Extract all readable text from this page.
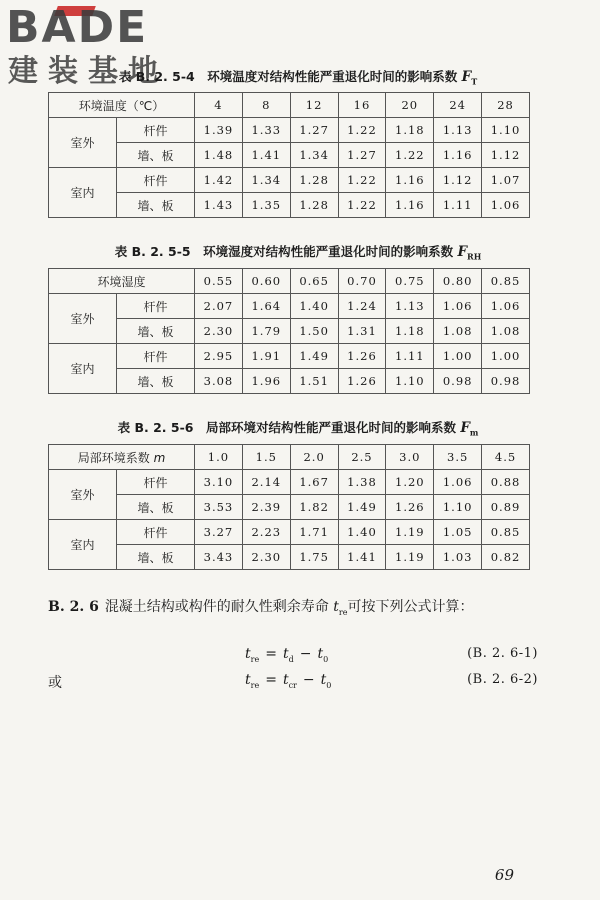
BADE
建装基地
表 B. 2. 5-4　环境温度对结构性能严重退化时间的影响系数 $F_T$
环境温度（℃）		4	8	12	16	20	24	28
室外	杆件	1.39	1.33	1.27	1.22	1.18	1.13	1.10
	墙、板	1.48	1.41	1.34	1.27	1.22	1.16	1.12
室内	杆件	1.42	1.34	1.28	1.22	1.16	1.12	1.07
	墙、板	1.43	1.35	1.28	1.22	1.16	1.11	1.06
表 B. 2. 5-5　环境湿度对结构性能严重退化时间的影响系数 $F_{RH}$
环境湿度		0.55	0.60	0.65	0.70	0.75	0.80	0.85
室外	杆件	2.07	1.64	1.40	1.24	1.13	1.06	1.06
	墙、板	2.30	1.79	1.50	1.31	1.18	1.08	1.08
室内	杆件	2.95	1.91	1.49	1.26	1.11	1.00	1.00
	墙、板	3.08	1.96	1.51	1.26	1.10	0.98	0.98
表 B. 2. 5-6　局部环境对结构性能严重退化时间的影响系数 $F_m$
局部环境系数 m		1.0	1.5	2.0	2.5	3.0	3.5	4.5
室外	杆件	3.10	2.14	1.67	1.38	1.20	1.06	0.88
	墙、板	3.53	2.39	1.82	1.49	1.26	1.10	0.89
室内	杆件	3.27	2.23	1.71	1.40	1.19	1.05	0.85
	墙、板	3.43	2.30	1.75	1.41	1.19	1.03	0.82
B. 2. 6 混凝土结构或构件的耐久性剩余寿命 $t_{re}$可按下列公式计算：
$t_{re} = t_d - t_0$	(B. 2. 6-1)
或	$t_{re} = t_{cr} - t_0$	(B. 2. 6-2)
69
